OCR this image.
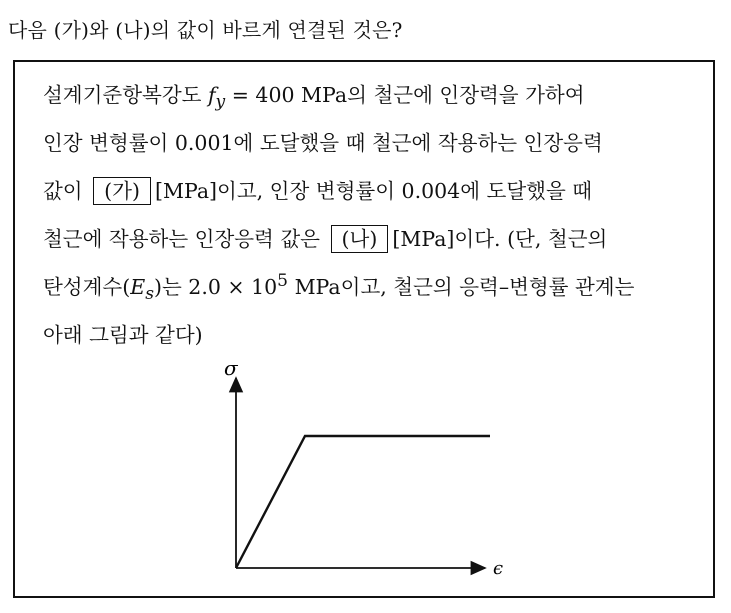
다음 (가)와 (나)의 값이 바르게 연결된 것은?
설계기준항복강도 $f_y = 400$ MPa의 철근에 인장력을 가하여
인장 변형률이 0.001에 도달했을 때 철근에 작용하는 인장응력
값이 (가) [MPa]이고, 인장 변형률이 0.004에 도달했을 때
철근에 작용하는 인장응력 값은 (나) [MPa]이다. (단, 철근의
탄성계수$(E_s)$는 $2.0 \times 10^5$ MPa이고, 철근의 응력–변형률 관계는
아래 그림과 같다)
σ
ϵ
